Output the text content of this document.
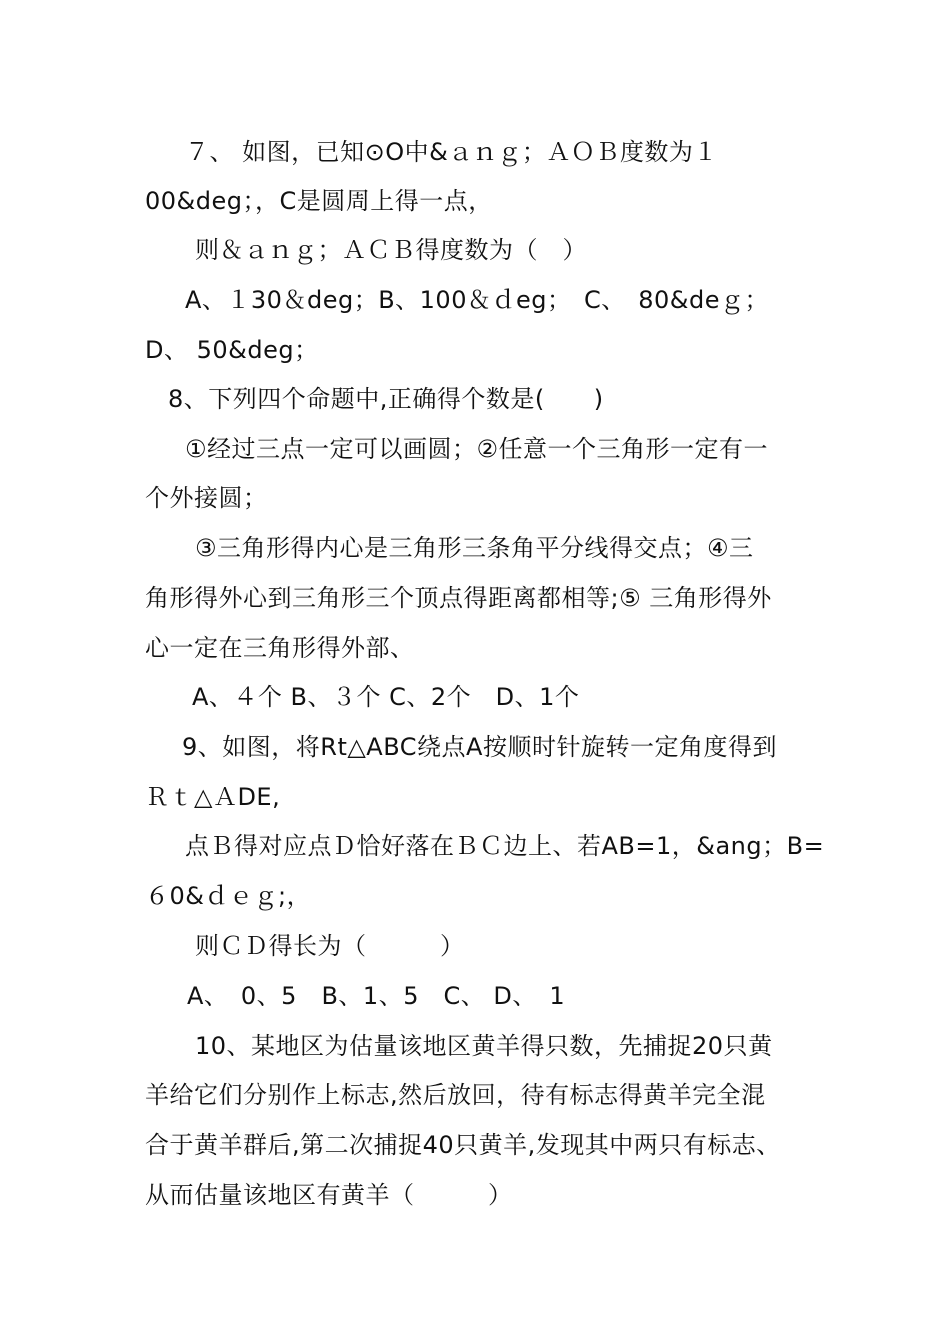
７、 如图，已知⊙O中&ａｎｇ；ＡＯＢ度数为１
00&deg；，C是圆周上得一点，
则＆ａｎｇ；ＡＣＢ得度数为（　）
A、１30＆deg；B、100＆ｄeg；　C、　80&deｇ；
D、 50&deg；
8、下列四个命题中,正确得个数是(　　)
①经过三点一定可以画圆；②任意一个三角形一定有一
个外接圆；
③三角形得内心是三角形三条角平分线得交点；④三
角形得外心到三角形三个顶点得距离都相等;⑤ 三角形得外
心一定在三角形得外部、
A、４个 B、３个 C、2个　D、1个
9、如图，将Rt△ABC绕点A按顺时针旋转一定角度得到
Ｒｔ△ＡDE,
点Ｂ得对应点Ｄ恰好落在ＢＣ边上、若AB=1，&ang；B=
６0&ｄｅｇ;，
则ＣＤ得长为（　　　）
A、　0、5　B、1、5　C、 D、　1
10、某地区为估量该地区黄羊得只数，先捕捉20只黄
羊给它们分别作上标志,然后放回，待有标志得黄羊完全混
合于黄羊群后,第二次捕捉40只黄羊,发现其中两只有标志、
从而估量该地区有黄羊（　　　）
